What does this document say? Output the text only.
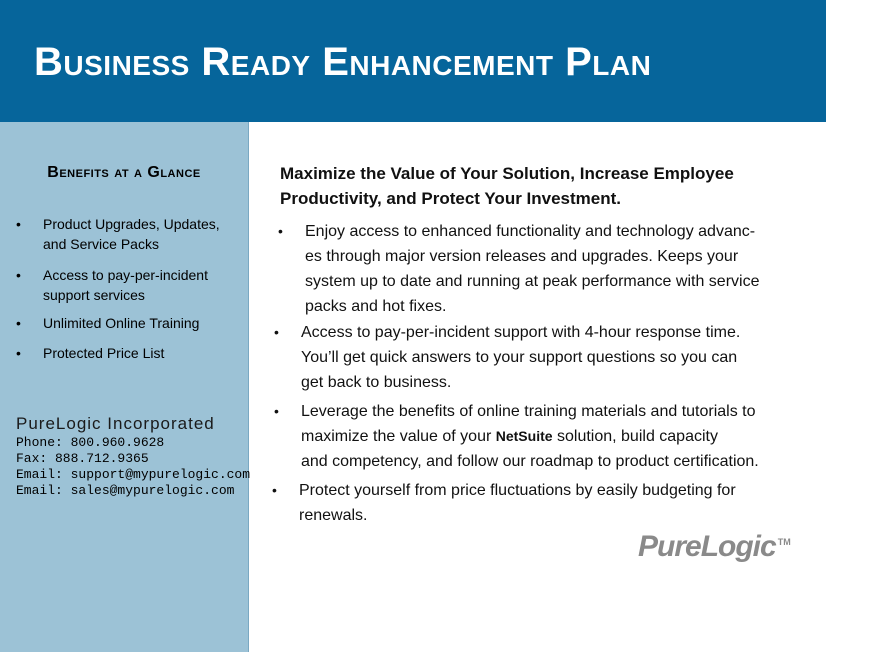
Business Ready Enhancement Plan
Benefits at a Glance
• Product Upgrades, Updates, and Service Packs
• Access to pay-per-incident support services
• Unlimited Online Training
• Protected Price List
PureLogic Incorporated
Phone: 800.960.9628
Fax: 888.712.9365
Email: support@mypurelogic.com
Email: sales@mypurelogic.com
Maximize the Value of Your Solution, Increase Employee Productivity, and Protect Your Investment.
• Enjoy access to enhanced functionality and technology advanc-
es through major version releases and upgrades. Keeps your
system up to date and running at peak performance with service
packs and hot fixes.
• Access to pay-per-incident support with 4-hour response time.
You’ll get quick answers to your support questions so you can
get back to business.
• Leverage the benefits of online training materials and tutorials to
maximize the value of your NetSuite solution, build capacity
and competency, and follow our roadmap to product certification.
• Protect yourself from price fluctuations by easily budgeting for
renewals.
PureLogic ™
